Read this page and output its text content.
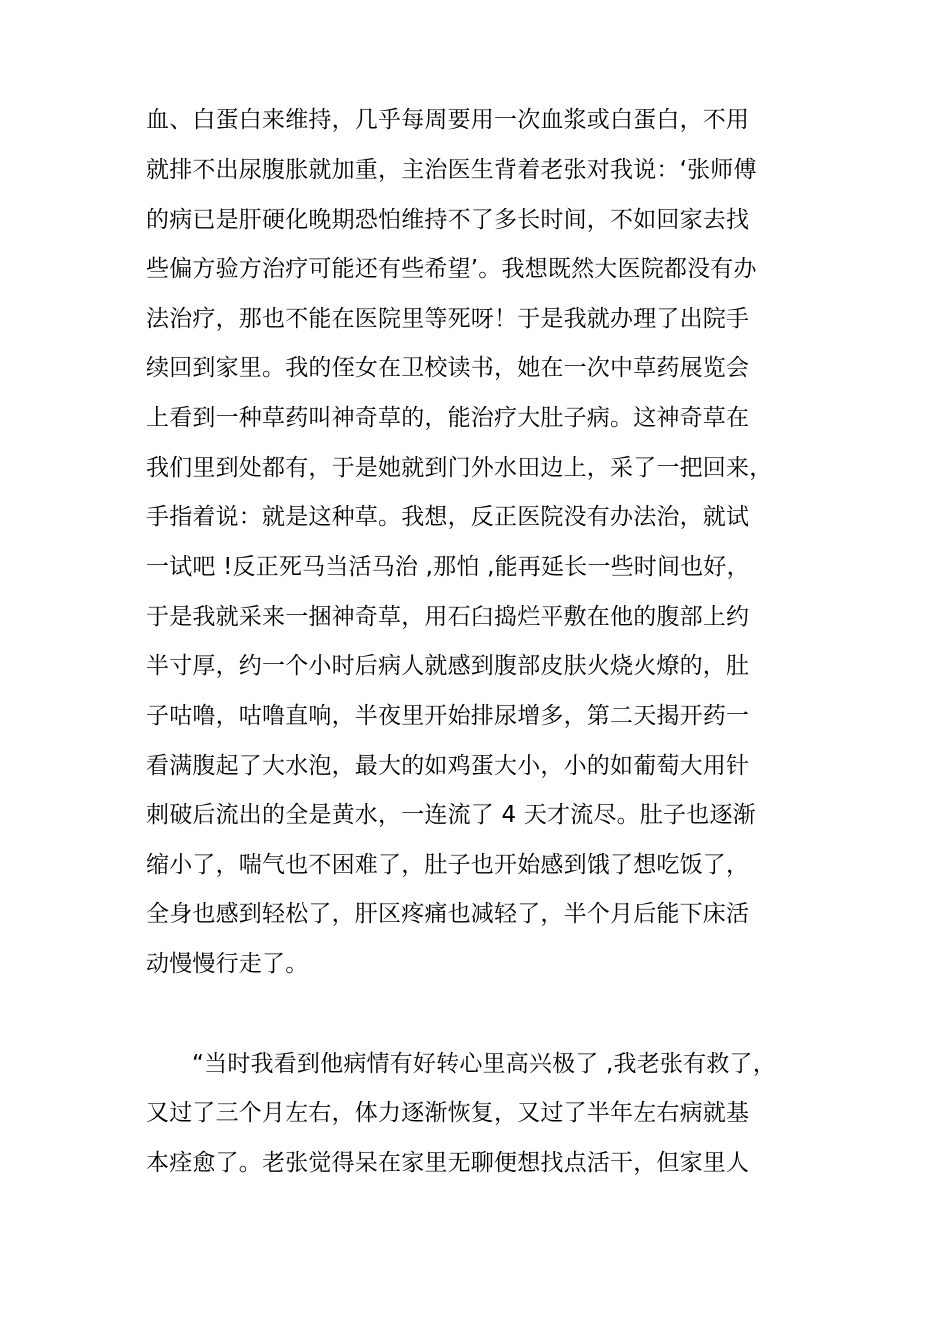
血、白蛋白来维持，几乎每周要用一次血浆或白蛋白，不用
就排不出尿腹胀就加重，主治医生背着老张对我说：‘张师傅
的病已是肝硬化晚期恐怕维持不了多长时间，不如回家去找
些偏方验方治疗可能还有些希望’。我想既然大医院都没有办
法治疗，那也不能在医院里等死呀！于是我就办理了出院手
续回到家里。我的侄女在卫校读书，她在一次中草药展览会
上看到一种草药叫神奇草的，能治疗大肚子病。这神奇草在
我们里到处都有，于是她就到门外水田边上，采了一把回来，
手指着说：就是这种草。我想，反正医院没有办法治，就试
一试吧 !反正死马当活马治 ,那怕 ,能再延长一些时间也好，
于是我就采来一捆神奇草，用石臼捣烂平敷在他的腹部上约
半寸厚，约一个小时后病人就感到腹部皮肤火烧火燎的，肚
子咕噜，咕噜直响，半夜里开始排尿增多，第二天揭开药一
看满腹起了大水泡，最大的如鸡蛋大小，小的如葡萄大用针
刺破后流出的全是黄水，一连流了 4 天才流尽。肚子也逐渐
缩小了，喘气也不困难了，肚子也开始感到饿了想吃饭了，
全身也感到轻松了，肝区疼痛也减轻了，半个月后能下床活
动慢慢行走了。
“当时我看到他病情有好转心里高兴极了 ,我老张有救了，
又过了三个月左右，体力逐渐恢复，又过了半年左右病就基
本痊愈了。老张觉得呆在家里无聊便想找点活干，但家里人
